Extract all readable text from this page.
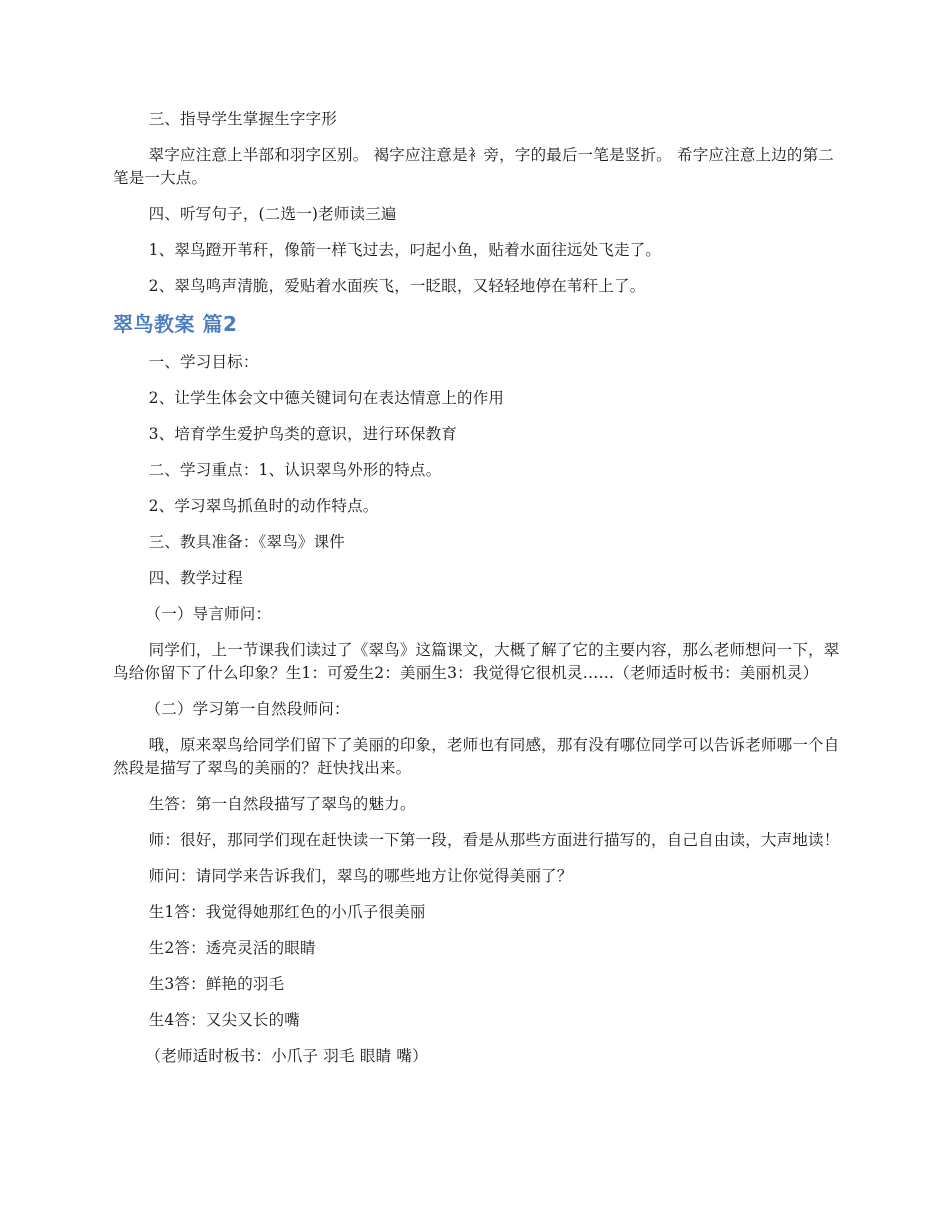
三、指导学生掌握生字字形

翠字应注意上半部和羽字区别。 褐字应注意是衤旁，字的最后一笔是竖折。 希字应注意上边的第二笔是一大点。

四、听写句子，(二选一)老师读三遍

1、翠鸟蹬开苇秆，像箭一样飞过去，叼起小鱼，贴着水面往远处飞走了。

2、翠鸟鸣声清脆，爱贴着水面疾飞，一眨眼，又轻轻地停在苇秆上了。

翠鸟教案 篇2

一、学习目标：

2、让学生体会文中德关键词句在表达情意上的作用

3、培育学生爱护鸟类的意识，进行环保教育

二、学习重点：1、认识翠鸟外形的特点。

2、学习翠鸟抓鱼时的动作特点。

三、教具准备：《翠鸟》课件

四、教学过程

（一）导言师问：

同学们，上一节课我们读过了《翠鸟》这篇课文，大概了解了它的主要内容，那么老师想问一下，翠鸟给你留下了什么印象？生1：可爱生2：美丽生3：我觉得它很机灵……（老师适时板书：美丽机灵）

（二）学习第一自然段师问：

哦，原来翠鸟给同学们留下了美丽的印象，老师也有同感，那有没有哪位同学可以告诉老师哪一个自然段是描写了翠鸟的美丽的？赶快找出来。

生答：第一自然段描写了翠鸟的魅力。

师：很好，那同学们现在赶快读一下第一段，看是从那些方面进行描写的，自己自由读，大声地读！

师问：请同学来告诉我们，翠鸟的哪些地方让你觉得美丽了？

生1答：我觉得她那红色的小爪子很美丽

生2答：透亮灵活的眼睛

生3答：鲜艳的羽毛

生4答：又尖又长的嘴

（老师适时板书：小爪子 羽毛 眼睛 嘴）
